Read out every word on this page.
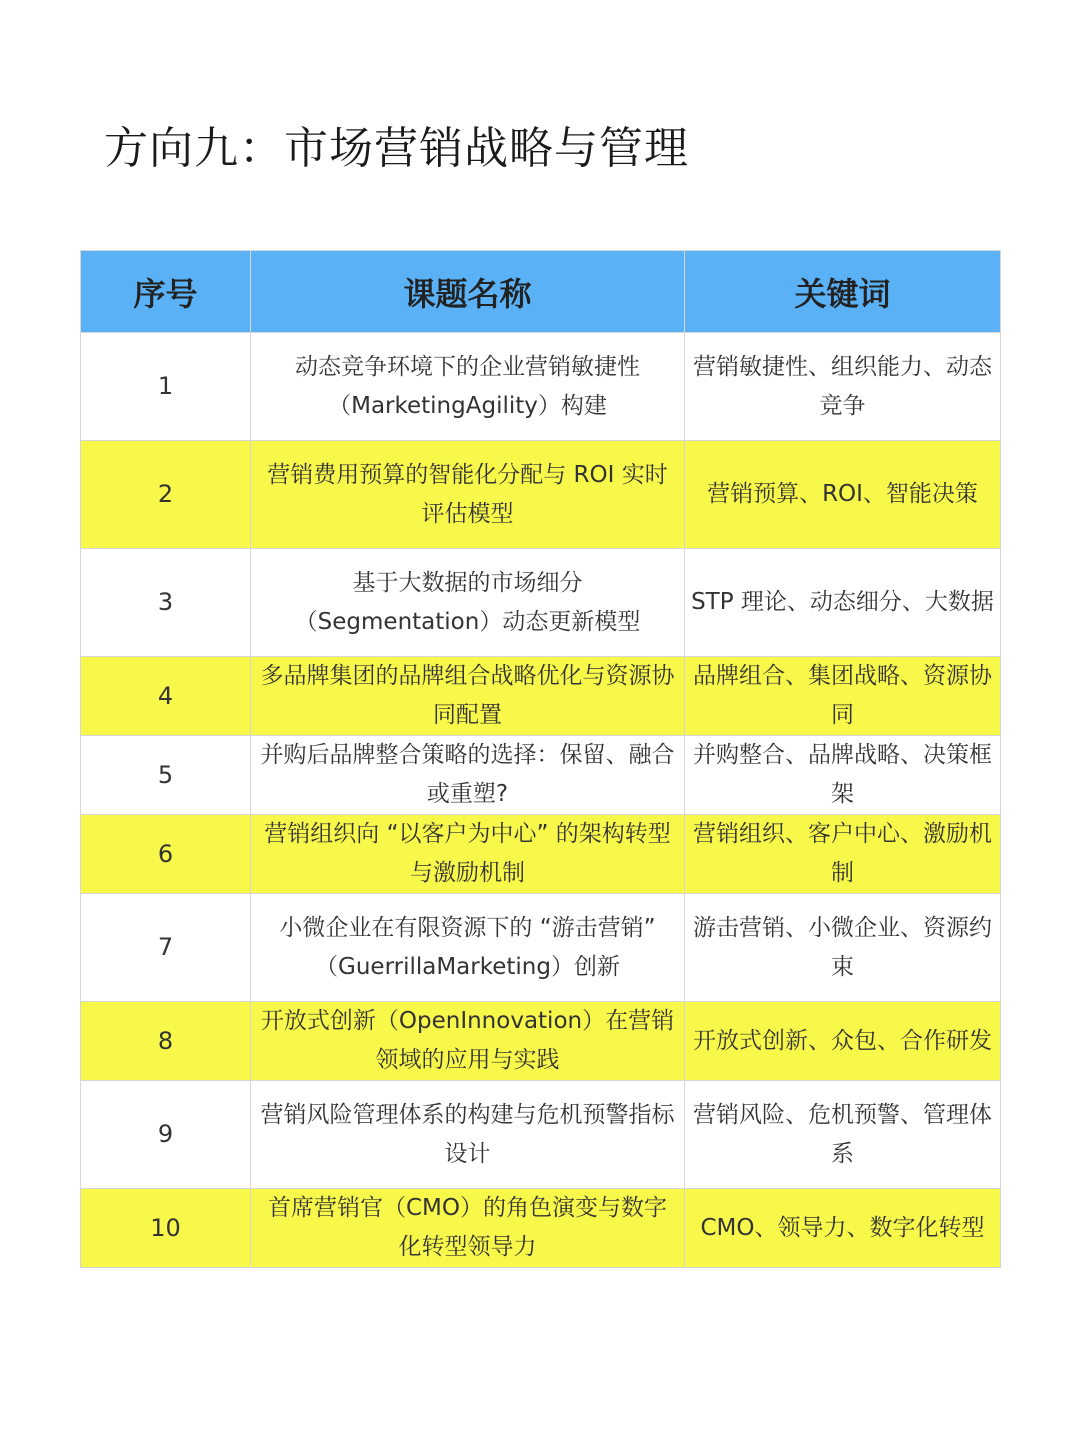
方向九：市场营销战略与管理
序号	课题名称	关键词
1	动态竞争环境下的企业营销敏捷性（MarketingAgility）构建	营销敏捷性、组织能力、动态竞争
2	营销费用预算的智能化分配与 ROI 实时评估模型	营销预算、ROI、智能决策
3	基于大数据的市场细分（Segmentation）动态更新模型	STP 理论、动态细分、大数据
4	多品牌集团的品牌组合战略优化与资源协同配置	品牌组合、集团战略、资源协同
5	并购后品牌整合策略的选择：保留、融合或重塑?	并购整合、品牌战略、决策框架
6	营销组织向 “以客户为中心” 的架构转型与激励机制	营销组织、客户中心、激励机制
7	小微企业在有限资源下的 “游击营销” （GuerrillaMarketing）创新	游击营销、小微企业、资源约束
8	开放式创新（OpenInnovation）在营销领域的应用与实践	开放式创新、众包、合作研发
9	营销风险管理体系的构建与危机预警指标设计	营销风险、危机预警、管理体系
10	首席营销官（CMO）的角色演变与数字化转型领导力	CMO、领导力、数字化转型
